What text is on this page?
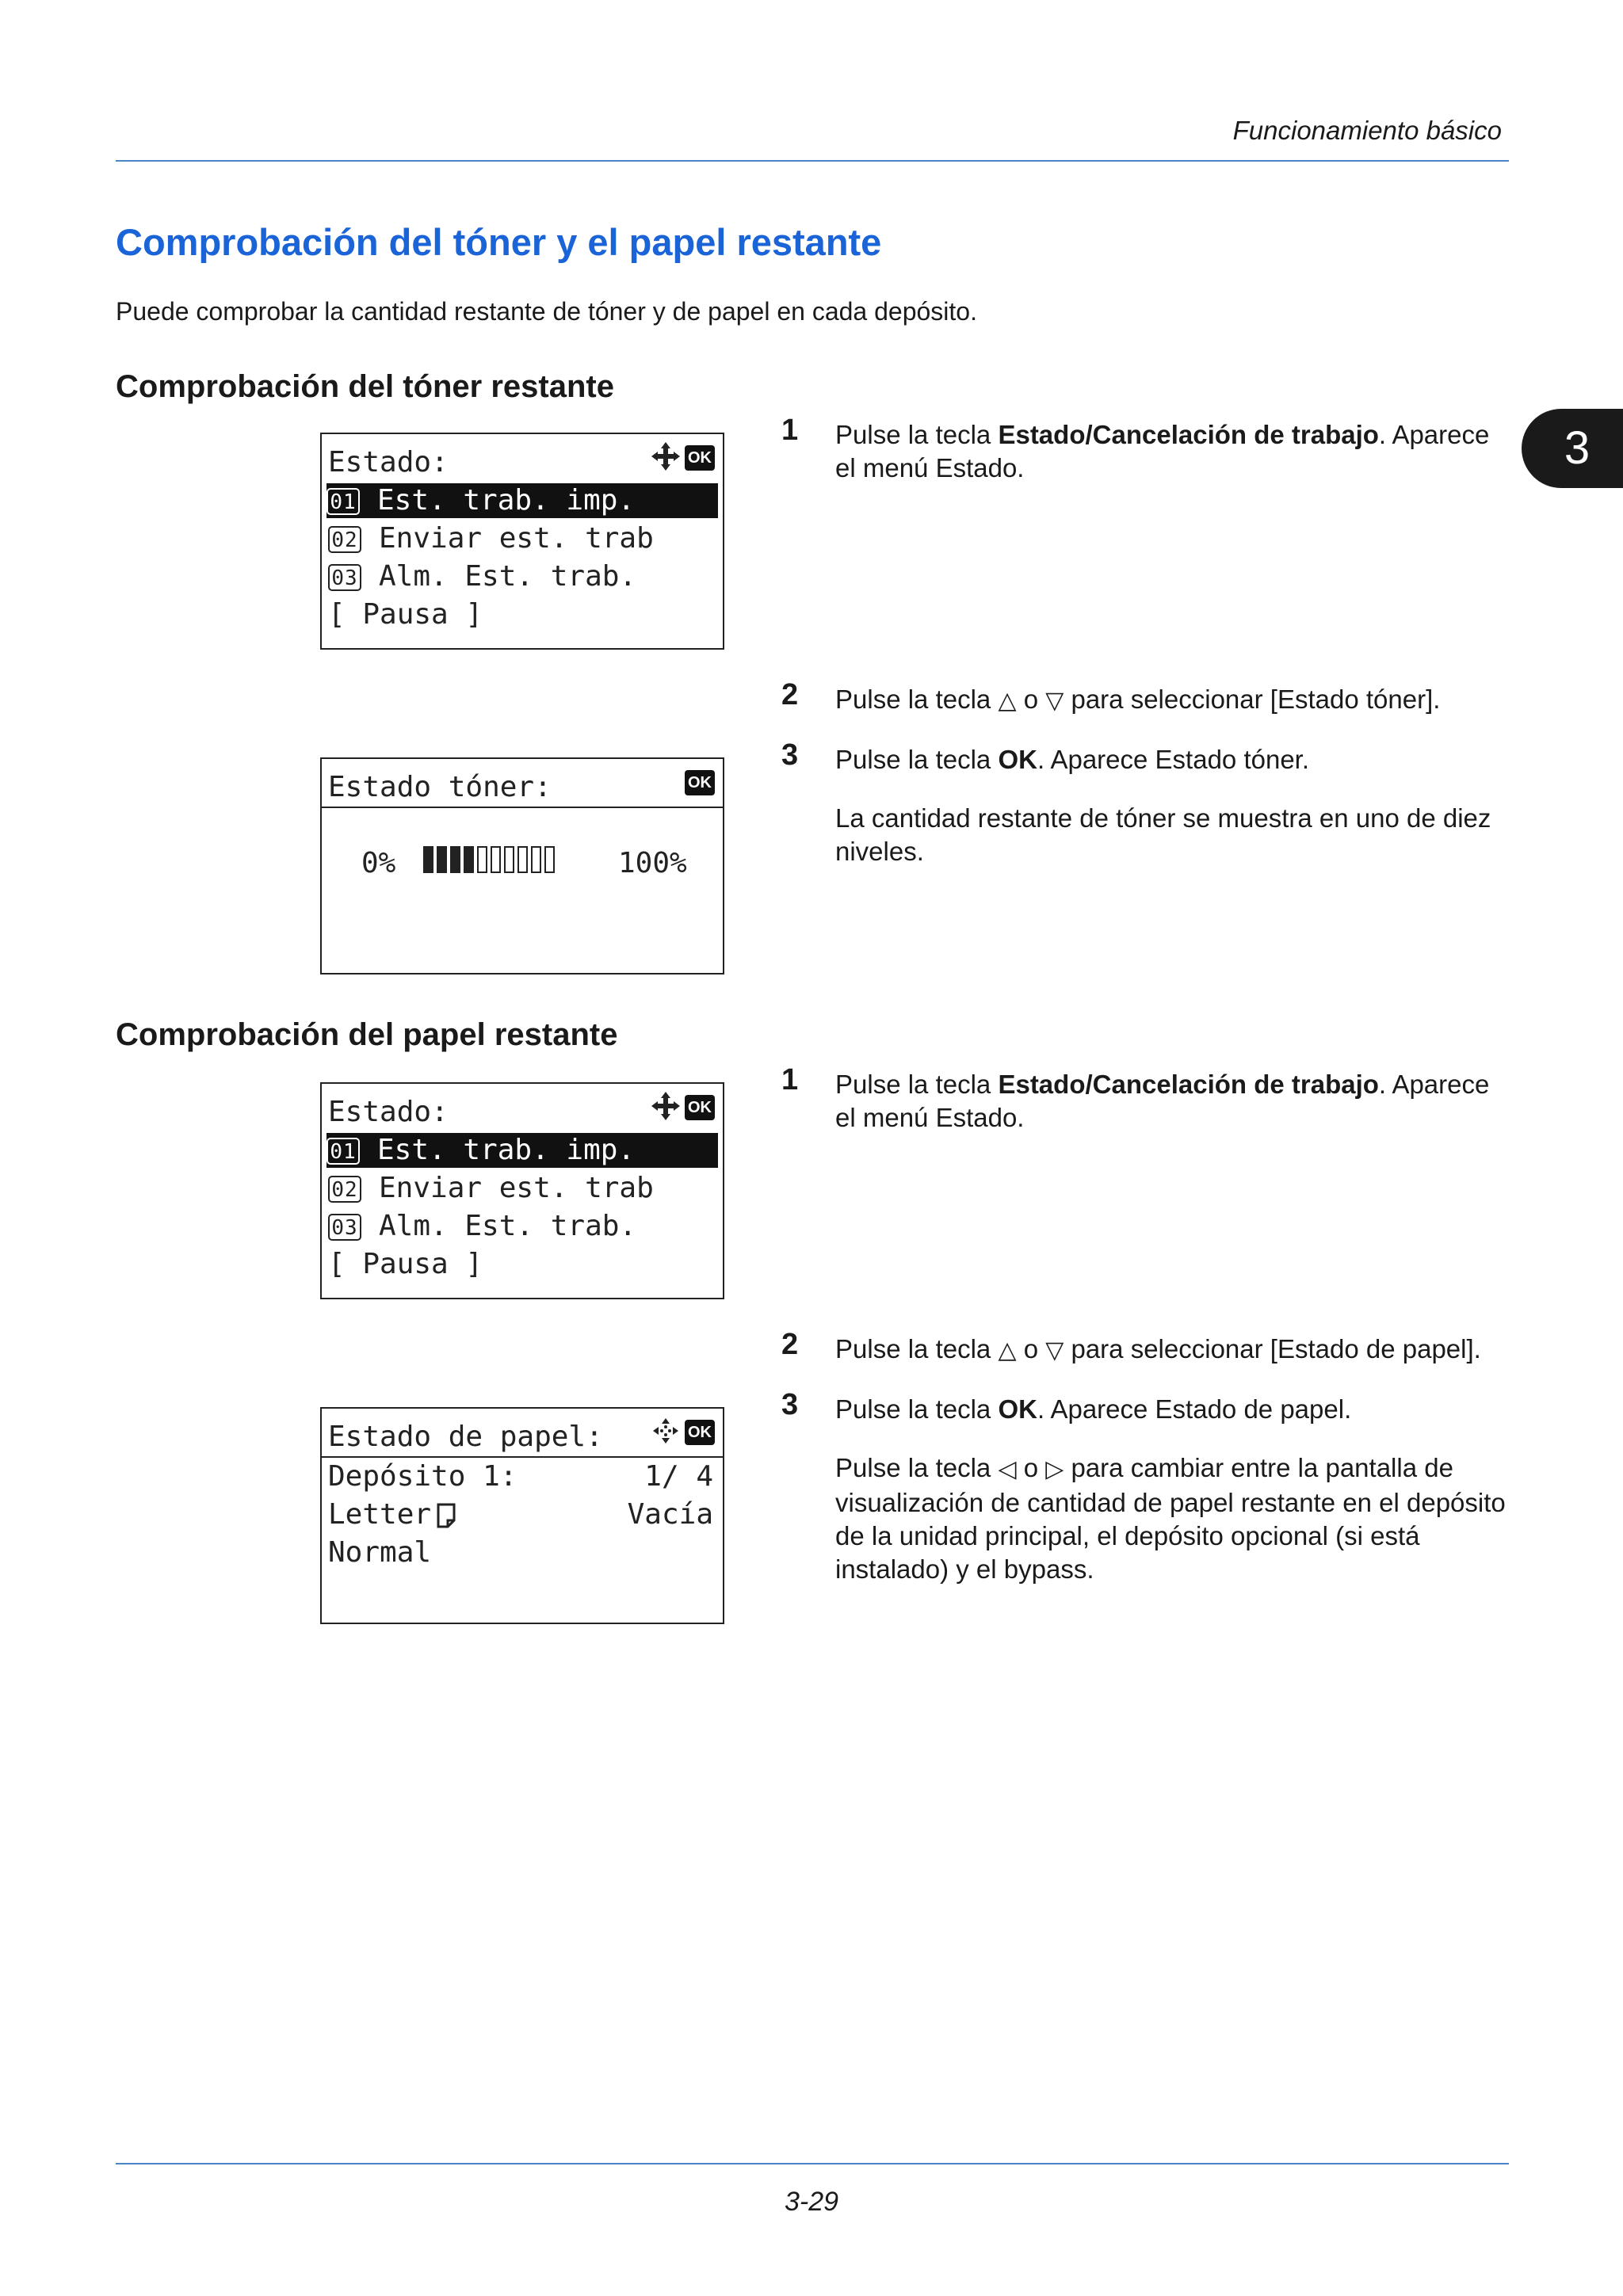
Funcionamiento básico
3
Comprobación del tóner y el papel restante
Puede comprobar la cantidad restante de tóner y de papel en cada depósito.
Comprobación del tóner restante
Estado:	OK
01 Est. trab. imp.
02 Enviar est. trab
03 Alm. Est. trab.
[ Pausa ]
Estado tóner:	OK
0%	100%
1 Pulse la tecla Estado/Cancelación de trabajo. Aparece el menú Estado.
2 Pulse la tecla △ o ▽ para seleccionar [Estado tóner].
3 Pulse la tecla OK. Aparece Estado tóner.
La cantidad restante de tóner se muestra en uno de diez niveles.
Comprobación del papel restante
Estado:	OK
01 Est. trab. imp.
02 Enviar est. trab
03 Alm. Est. trab.
[ Pausa ]
Estado de papel:	OK
Depósito 1:	1/ 4
Letter	Vacía
Normal
1 Pulse la tecla Estado/Cancelación de trabajo. Aparece el menú Estado.
2 Pulse la tecla △ o ▽ para seleccionar [Estado de papel].
3 Pulse la tecla OK. Aparece Estado de papel.
Pulse la tecla ◁ o ▷ para cambiar entre la pantalla de visualización de cantidad de papel restante en el depósito de la unidad principal, el depósito opcional (si está instalado) y el bypass.
3-29
